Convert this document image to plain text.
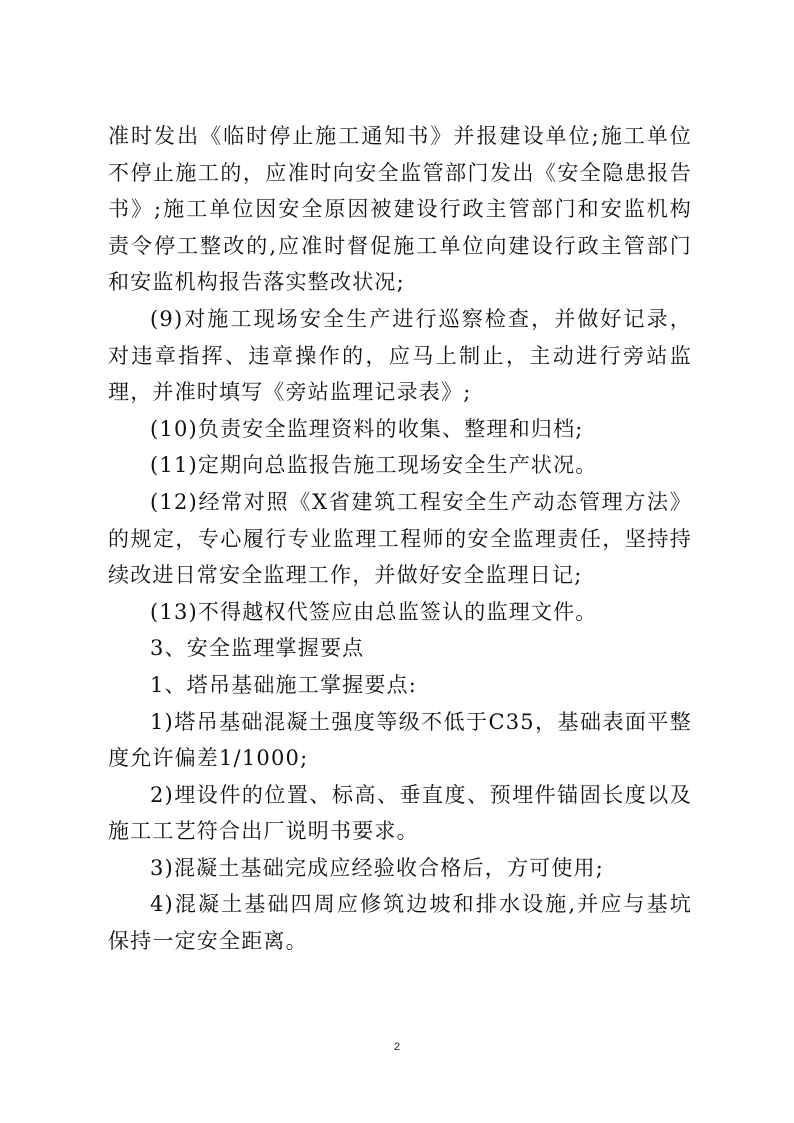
准时发出《临时停止施工通知书》并报建设单位;施工单位不停止施工的，应准时向安全监管部门发出《安全隐患报告书》;施工单位因安全原因被建设行政主管部门和安监机构责令停工整改的,应准时督促施工单位向建设行政主管部门和安监机构报告落实整改状况;

(9)对施工现场安全生产进行巡察检查，并做好记录，对违章指挥、违章操作的，应马上制止，主动进行旁站监理，并准时填写《旁站监理记录表》;

(10)负责安全监理资料的收集、整理和归档;

(11)定期向总监报告施工现场安全生产状况。

(12)经常对照《X省建筑工程安全生产动态管理方法》的规定，专心履行专业监理工程师的安全监理责任，坚持持续改进日常安全监理工作，并做好安全监理日记;

(13)不得越权代签应由总监签认的监理文件。

3、安全监理掌握要点

1、塔吊基础施工掌握要点:

1)塔吊基础混凝土强度等级不低于C35，基础表面平整度允许偏差1/1000;

2)埋设件的位置、标高、垂直度、预埋件锚固长度以及施工工艺符合出厂说明书要求。

3)混凝土基础完成应经验收合格后，方可使用;

4)混凝土基础四周应修筑边坡和排水设施,并应与基坑保持一定安全距离。

2
